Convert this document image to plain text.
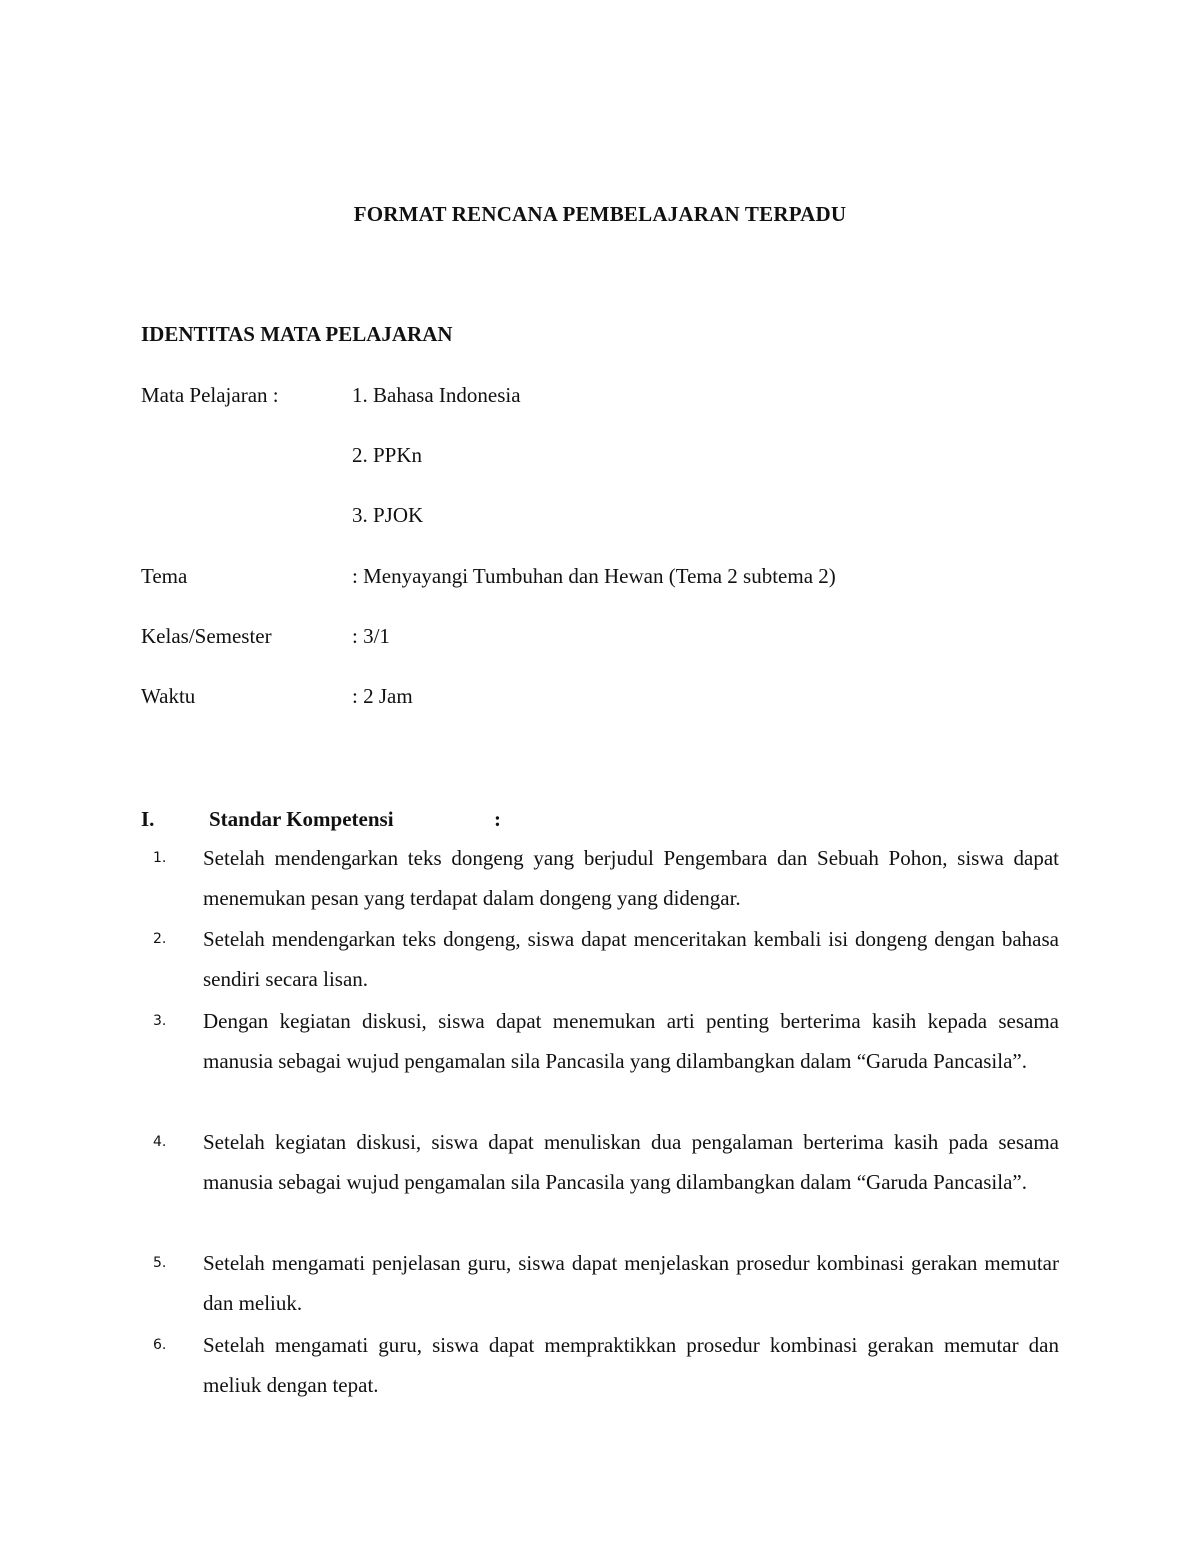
FORMAT RENCANA PEMBELAJARAN TERPADU
IDENTITAS MATA PELAJARAN
Mata Pelajaran :	1. Bahasa Indonesia
2. PPKn
3. PJOK
Tema	: Menyayangi Tumbuhan dan Hewan (Tema 2 subtema 2)
Kelas/Semester	: 3/1
Waktu	: 2 Jam
I.	Standar Kompetensi	:
1. Setelah mendengarkan teks dongeng yang berjudul Pengembara dan Sebuah Pohon, siswa dapat menemukan pesan yang terdapat dalam dongeng yang didengar.
2. Setelah mendengarkan teks dongeng, siswa dapat menceritakan kembali isi dongeng dengan bahasa sendiri secara lisan.
3. Dengan kegiatan diskusi, siswa dapat menemukan arti penting berterima kasih kepada sesama manusia sebagai wujud pengamalan sila Pancasila yang dilambangkan dalam “Garuda Pancasila”.
4. Setelah kegiatan diskusi, siswa dapat menuliskan dua pengalaman berterima kasih pada sesama manusia sebagai wujud pengamalan sila Pancasila yang dilambangkan dalam “Garuda Pancasila”.
5. Setelah mengamati penjelasan guru, siswa dapat menjelaskan prosedur kombinasi gerakan memutar dan meliuk.
6. Setelah mengamati guru, siswa dapat mempraktikkan prosedur kombinasi gerakan memutar dan meliuk dengan tepat.
